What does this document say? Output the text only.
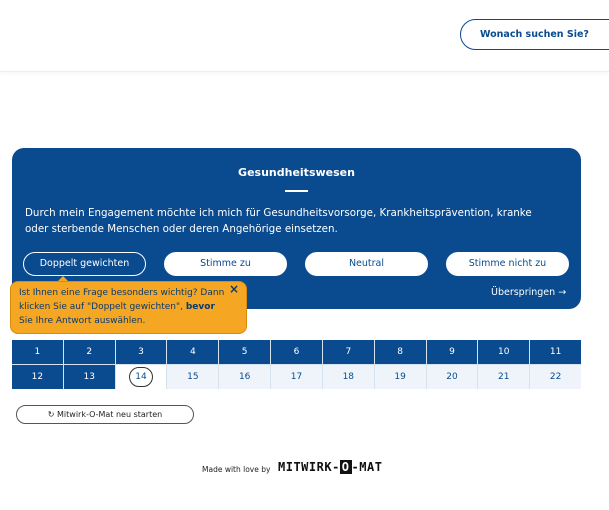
Wonach suchen Sie?
Gesundheitswesen
Durch mein Engagement möchte ich mich für Gesundheitsvorsorge, Krankheitsprävention, kranke oder sterbende Menschen oder deren Angehörige einsetzen.
Doppelt gewichten	Stimme zu	Neutral	Stimme nicht zu
Überspringen →
Ist Ihnen eine Frage besonders wichtig? Dann klicken Sie auf "Doppelt gewichten", bevor Sie Ihre Antwort auswählen.
×
1	2	3	4	5	6	7	8	9	10	11
12	13	14	15	16	17	18	19	20	21	22
↻ Mitwirk-O-Mat neu starten
Made with love by MITWIRK- O -MAT
